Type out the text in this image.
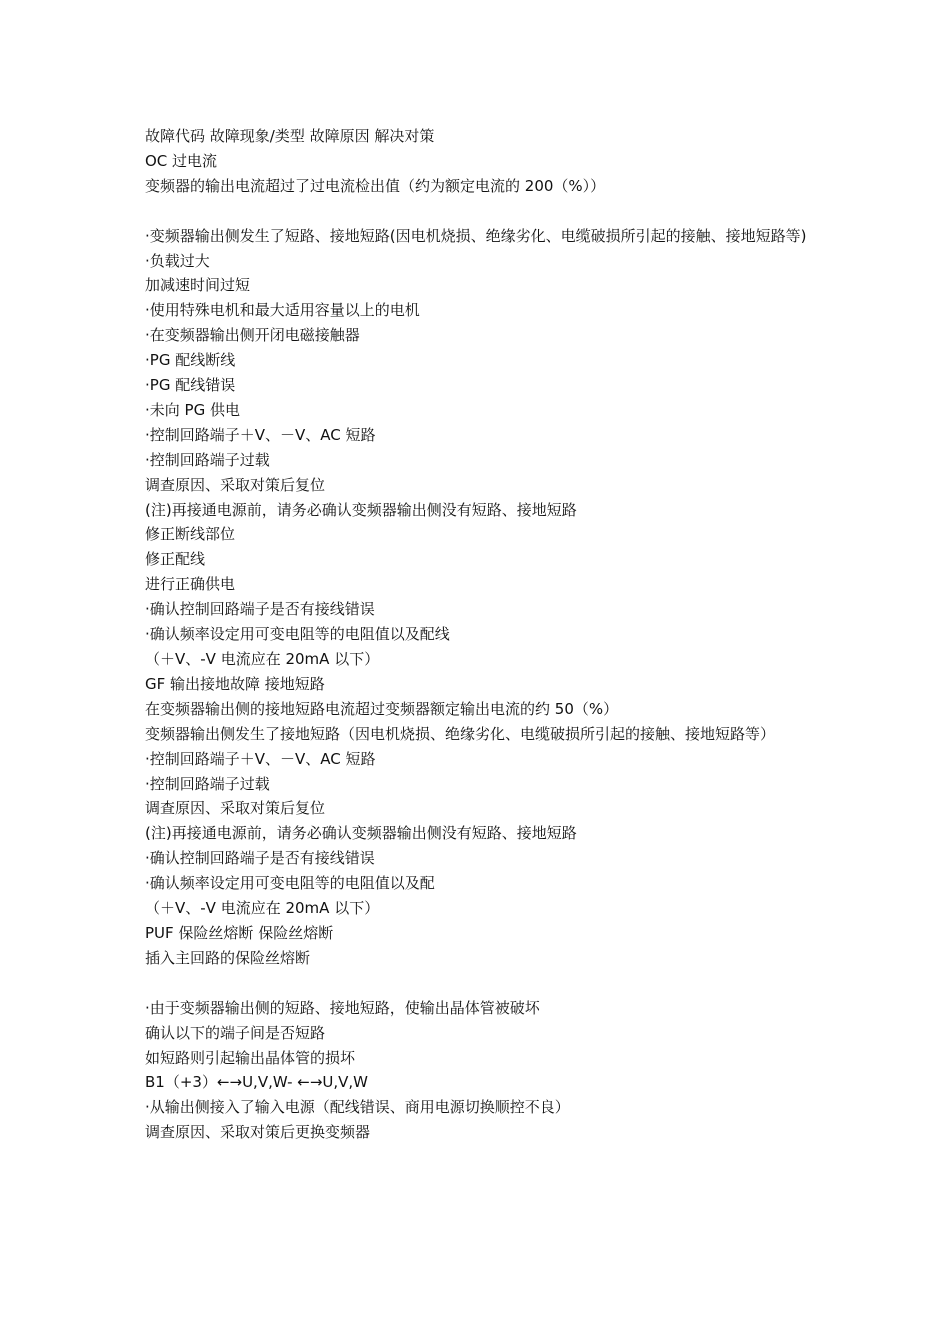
故障代码 故障现象/类型 故障原因 解决对策
OC 过电流
变频器的输出电流超过了过电流检出值（约为额定电流的 200（%））
·变频器输出侧发生了短路、接地短路(因电机烧损、绝缘劣化、电缆破损所引起的接触、接地短路等)
·负载过大
加减速时间过短
·使用特殊电机和最大适用容量以上的电机
·在变频器输出侧开闭电磁接触器
·PG 配线断线
·PG 配线错误
·未向 PG 供电
·控制回路端子＋V、－V、AC 短路
·控制回路端子过载
调查原因、采取对策后复位
(注)再接通电源前，请务必确认变频器输出侧没有短路、接地短路
修正断线部位
修正配线
进行正确供电
·确认控制回路端子是否有接线错误
·确认频率设定用可变电阻等的电阻值以及配线
（＋V、-V 电流应在 20mA 以下）
GF 输出接地故障 接地短路
在变频器输出侧的接地短路电流超过变频器额定输出电流的约 50（%）
变频器输出侧发生了接地短路（因电机烧损、绝缘劣化、电缆破损所引起的接触、接地短路等）
·控制回路端子＋V、－V、AC 短路
·控制回路端子过载
调查原因、采取对策后复位
(注)再接通电源前，请务必确认变频器输出侧没有短路、接地短路
·确认控制回路端子是否有接线错误
·确认频率设定用可变电阻等的电阻值以及配
（＋V、-V 电流应在 20mA 以下）
PUF 保险丝熔断 保险丝熔断
插入主回路的保险丝熔断
·由于变频器输出侧的短路、接地短路，使输出晶体管被破坏
确认以下的端子间是否短路
如短路则引起输出晶体管的损坏
B1（+3）←→U,V,W- ←→U,V,W
·从输出侧接入了输入电源（配线错误、商用电源切换顺控不良）
调查原因、采取对策后更换变频器
